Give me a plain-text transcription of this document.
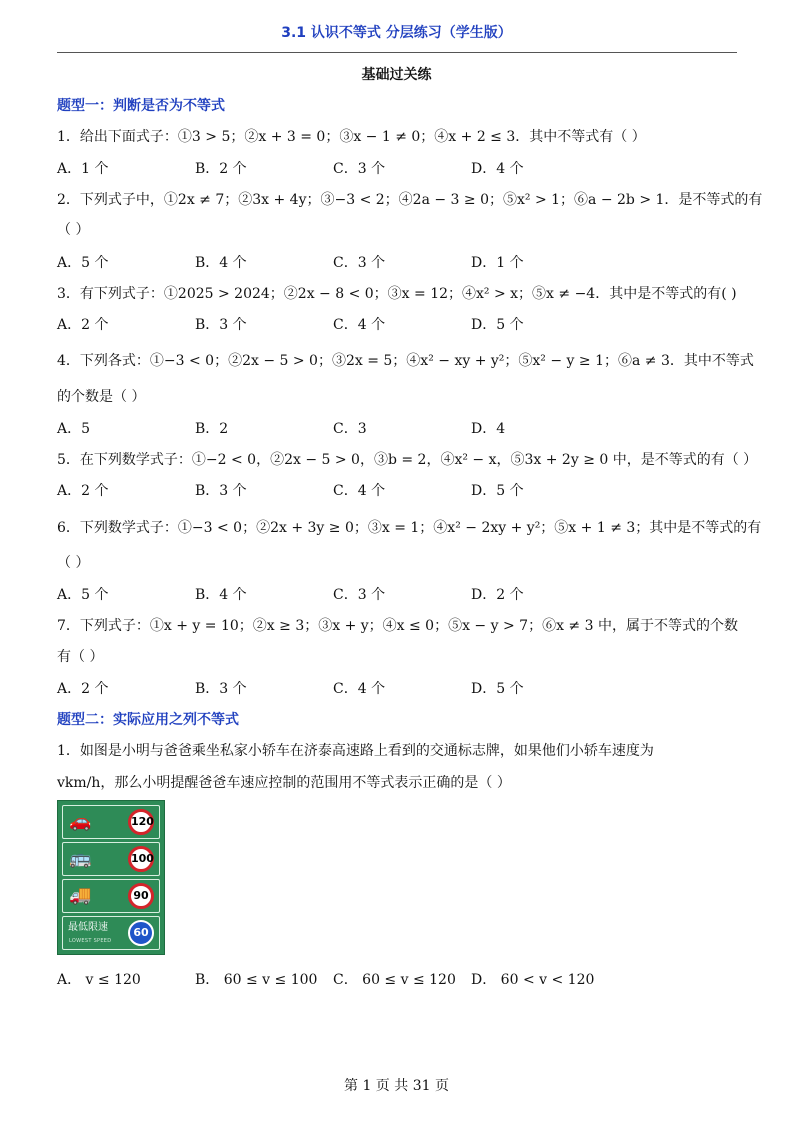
3.1 认识不等式 分层练习（学生版）
基础过关练
题型一：判断是否为不等式
1．给出下面式子：①3 > 5；②x + 3 = 0；③x − 1 ≠ 0；④x + 2 ≤ 3．其中不等式有（ ）
A．1 个	B．2 个	C．3 个	D．4 个
2．下列式子中，①2x ≠ 7；②3x + 4y；③−3 < 2；④2a − 3 ≥ 0；⑤x² > 1；⑥a − 2b > 1．是不等式的有
（ ）
A．5 个	B．4 个	C．3 个	D．1 个
3．有下列式子：①2025 > 2024；②2x − 8 < 0；③x = 12；④x² > x；⑤x ≠ −4．其中是不等式的有( )
A．2 个	B．3 个	C．4 个	D．5 个
4．下列各式：①−3 < 0；②2x − 5 > 0；③2x = 5；④x² − xy + y²；⑤x² − y ≥ 1；⑥a ≠ 3．其中不等式
的个数是（ ）
A．5	B．2	C．3	D．4
5．在下列数学式子：①−2 < 0，②2x − 5 > 0，③b = 2，④x² − x，⑤3x + 2y ≥ 0 中，是不等式的有（ ）
A．2 个	B．3 个	C．4 个	D．5 个
6．下列数学式子：①−3 < 0；②2x + 3y ≥ 0；③x = 1；④x² − 2xy + y²；⑤x + 1 ≠ 3；其中是不等式的有
（ ）
A．5 个	B．4 个	C．3 个	D．2 个
7．下列式子：①x + y = 10；②x ≥ 3；③x + y；④x ≤ 0；⑤x − y > 7；⑥x ≠ 3 中，属于不等式的个数
有（ ）
A．2 个	B．3 个	C．4 个	D．5 个
题型二：实际应用之列不等式
1．如图是小明与爸爸乘坐私家小轿车在济泰高速路上看到的交通标志牌，如果他们小轿车速度为
vkm/h，那么小明提醒爸爸车速应控制的范围用不等式表示正确的是（ ）
🚗	120
🚌	100
🚚	90
最低限速
LOWEST SPEED
60
A． v ≤ 120	B． 60 ≤ v ≤ 100 C． 60 ≤ v ≤ 120 D． 60 < v < 120
第 1 页 共 31 页
